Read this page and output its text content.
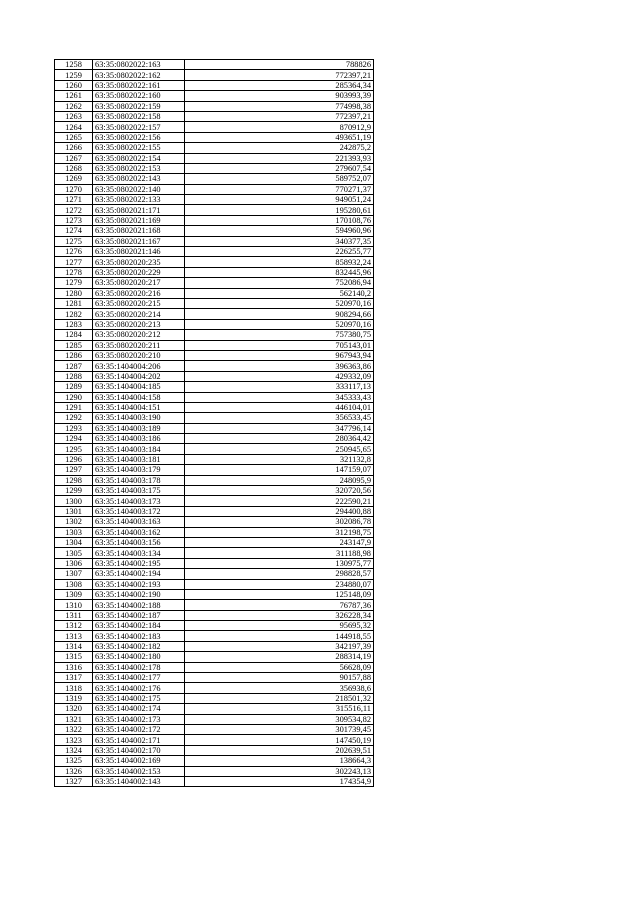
1258	63:35:0802022:163	788826
1259	63:35:0802022:162	772397,21
1260	63:35:0802022:161	285364,34
1261	63:35:0802022:160	903993,39
1262	63:35:0802022:159	774998,38
1263	63:35:0802022:158	772397,21
1264	63:35:0802022:157	870912,9
1265	63:35:0802022:156	493651,19
1266	63:35:0802022:155	242875,2
1267	63:35:0802022:154	221393,93
1268	63:35:0802022:153	279607,54
1269	63:35:0802022:143	589752,07
1270	63:35:0802022:140	770271,37
1271	63:35:0802022:133	949051,24
1272	63:35:0802021:171	195280,61
1273	63:35:0802021:169	170108,76
1274	63:35:0802021:168	594960,96
1275	63:35:0802021:167	340377,35
1276	63:35:0802021:146	226255,77
1277	63:35:0802020:235	858932,24
1278	63:35:0802020:229	832445,96
1279	63:35:0802020:217	752086,94
1280	63:35:0802020:216	562140,2
1281	63:35:0802020:215	520970,16
1282	63:35:0802020:214	908294,66
1283	63:35:0802020:213	520970,16
1284	63:35:0802020:212	757380,75
1285	63:35:0802020:211	705143,01
1286	63:35:0802020:210	967943,94
1287	63:35:1404004:206	396363,86
1288	63:35:1404004:202	429332,09
1289	63:35:1404004:185	333117,13
1290	63:35:1404004:158	345333,43
1291	63:35:1404004:151	446104,01
1292	63:35:1404003:190	356533,45
1293	63:35:1404003:189	347796,14
1294	63:35:1404003:186	280364,42
1295	63:35:1404003:184	250945,65
1296	63:35:1404003:181	321132,8
1297	63:35:1404003:179	147159,07
1298	63:35:1404003:178	248095,9
1299	63:35:1404003:175	320720,56
1300	63:35:1404003:173	222590,21
1301	63:35:1404003:172	294400,88
1302	63:35:1404003:163	302086,78
1303	63:35:1404003:162	312198,75
1304	63:35:1404003:156	243147,9
1305	63:35:1404003:134	311188,98
1306	63:35:1404002:195	130975,77
1307	63:35:1404002:194	298828,57
1308	63:35:1404002:193	234880,07
1309	63:35:1404002:190	125148,09
1310	63:35:1404002:188	76787,36
1311	63:35:1404002:187	326228,34
1312	63:35:1404002:184	95695,32
1313	63:35:1404002:183	144918,55
1314	63:35:1404002:182	342197,39
1315	63:35:1404002:180	288314,19
1316	63:35:1404002:178	56628,09
1317	63:35:1404002:177	90157,88
1318	63:35:1404002:176	356938,6
1319	63:35:1404002:175	218501,32
1320	63:35:1404002:174	315516,11
1321	63:35:1404002:173	309534,82
1322	63:35:1404002:172	301739,45
1323	63:35:1404002:171	147450,19
1324	63:35:1404002:170	202639,51
1325	63:35:1404002:169	138664,3
1326	63:35:1404002:153	302243,13
1327	63:35:1404002:143	174354,9
